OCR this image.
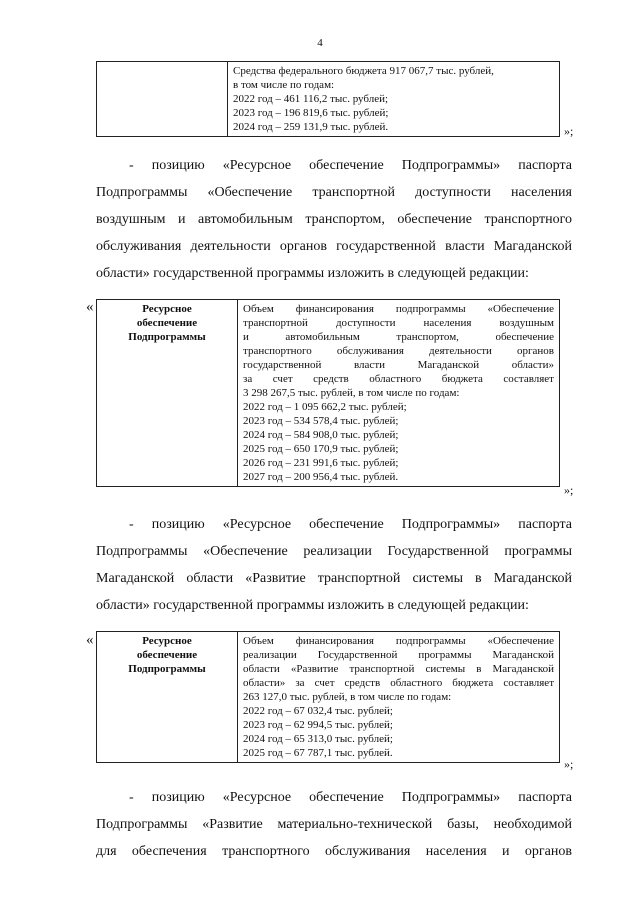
4

Средства федерального бюджета 917 067,7 тыс. рублей,
в том числе по годам:
2022 год – 461 116,2 тыс. рублей;
2023 год – 196 819,6 тыс. рублей;
2024 год – 259 131,9 тыс. рублей.	»;
- позицию «Ресурсное обеспечение Подпрограммы» паспорта
Подпрограммы «Обеспечение транспортной доступности населения
воздушным и автомобильным транспортом, обеспечение транспортного
обслуживания деятельности органов государственной власти Магаданской
области» государственной программы изложить в следующей редакции:
«	Ресурсное
обеспечение
Подпрограммы

Объем финансирования подпрограммы «Обеспечение
транспортной доступности населения воздушным
и автомобильным транспортом, обеспечение
транспортного обслуживания деятельности органов
государственной власти Магаданской области»
за счет средств областного бюджета составляет
3 298 267,5 тыс. рублей, в том числе по годам:
2022 год – 1 095 662,2 тыс. рублей;
2023 год – 534 578,4 тыс. рублей;
2024 год – 584 908,0 тыс. рублей;
2025 год – 650 170,9 тыс. рублей;
2026 год – 231 991,6 тыс. рублей;
2027 год – 200 956,4 тыс. рублей.
»;
- позицию «Ресурсное обеспечение Подпрограммы» паспорта
Подпрограммы «Обеспечение реализации Государственной программы
Магаданской области «Развитие транспортной системы в Магаданской
области» государственной программы изложить в следующей редакции:
«	Ресурсное
обеспечение
Подпрограммы

Объем финансирования подпрограммы «Обеспечение
реализации Государственной программы Магаданской
области «Развитие транспортной системы в Магаданской
области» за счет средств областного бюджета составляет
263 127,0 тыс. рублей, в том числе по годам:
2022 год – 67 032,4 тыс. рублей;
2023 год – 62 994,5 тыс. рублей;
2024 год – 65 313,0 тыс. рублей;
2025 год – 67 787,1 тыс. рублей.
»;
- позицию «Ресурсное обеспечение Подпрограммы» паспорта
Подпрограммы «Развитие материально-технической базы, необходимой
для обеспечения транспортного обслуживания населения и органов
